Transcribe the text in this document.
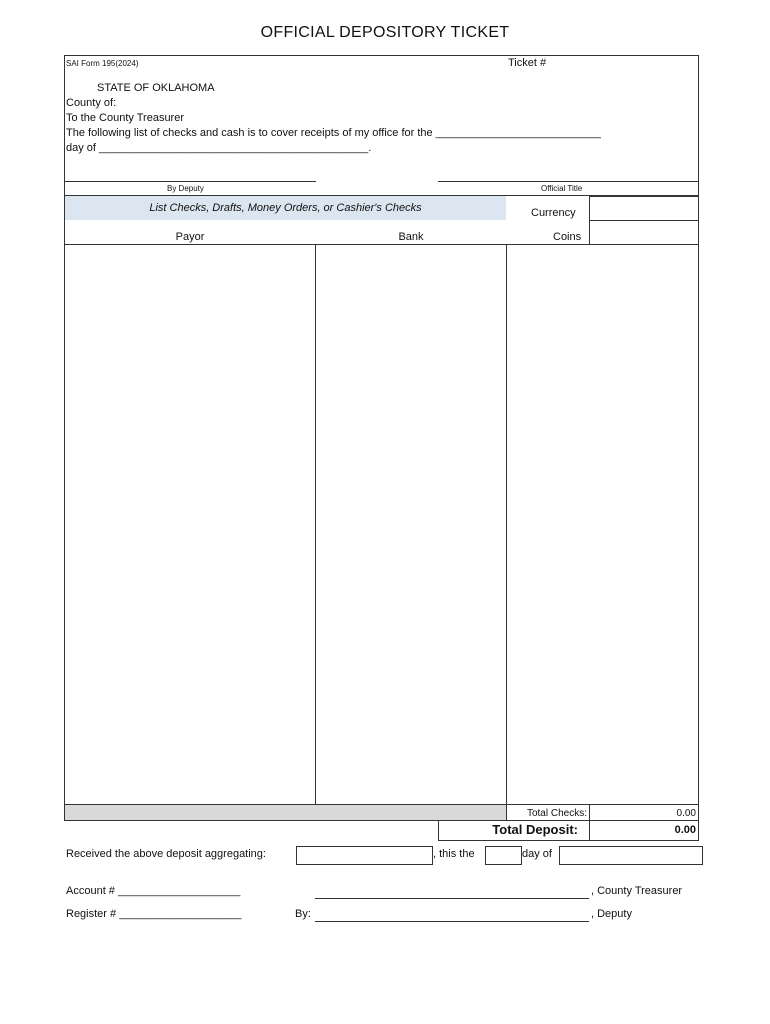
OFFICIAL DEPOSITORY TICKET
SAI Form 195(2024)	Ticket #
STATE OF OKLAHOMA
County of:
To the County Treasurer
The following list of checks and cash is to cover receipts of my office for the ___________________________
day of ____________________________________________.
By Deputy	Official Title
List Checks, Drafts, Money Orders, or Cashier's Checks	Currency
Coins
Payor	Bank
Total Checks:	0.00
Total Deposit:	0.00
Received the above deposit aggregating:	, this the	day of
Account # ____________________	, County Treasurer
Register # ____________________	By:	, Deputy
